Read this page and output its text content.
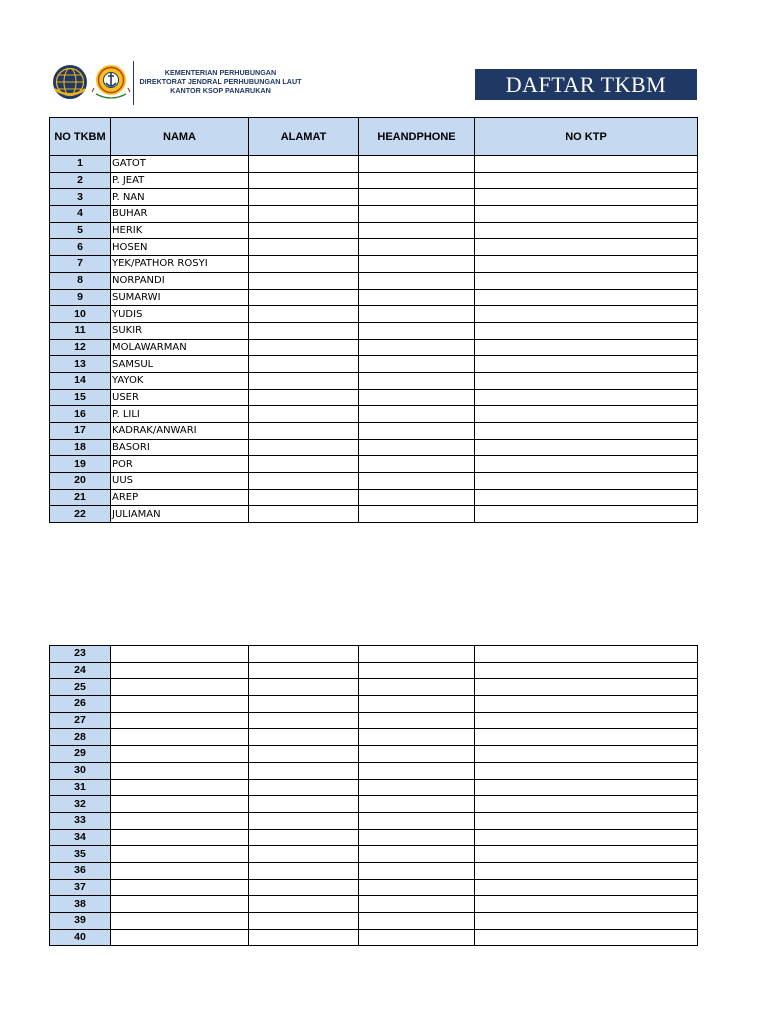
KEMENTERIAN PERHUBUNGAN
DIREKTORAT JENDRAL PERHUBUNGAN LAUT
KANTOR KSOP PANARUKAN	DAFTAR TKBM
NO TKBM	NAMA	ALAMAT	HEANDPHONE	NO KTP
1	GATOT			
2	P. JEAT			
3	P. NAN			
4	BUHAR			
5	HERIK			
6	HOSEN			
7	YEK/PATHOR ROSYI			
8	NORPANDI			
9	SUMARWI			
10	YUDIS			
11	SUKIR			
12	MOLAWARMAN			
13	SAMSUL			
14	YAYOK			
15	USER			
16	P. LILI			
17	KADRAK/ANWARI			
18	BASORI			
19	POR			
20	UUS			
21	AREP			
22	JULIAMAN			
23				
24				
25				
26				
27				
28				
29				
30				
31				
32				
33				
34				
35				
36				
37				
38				
39				
40				
